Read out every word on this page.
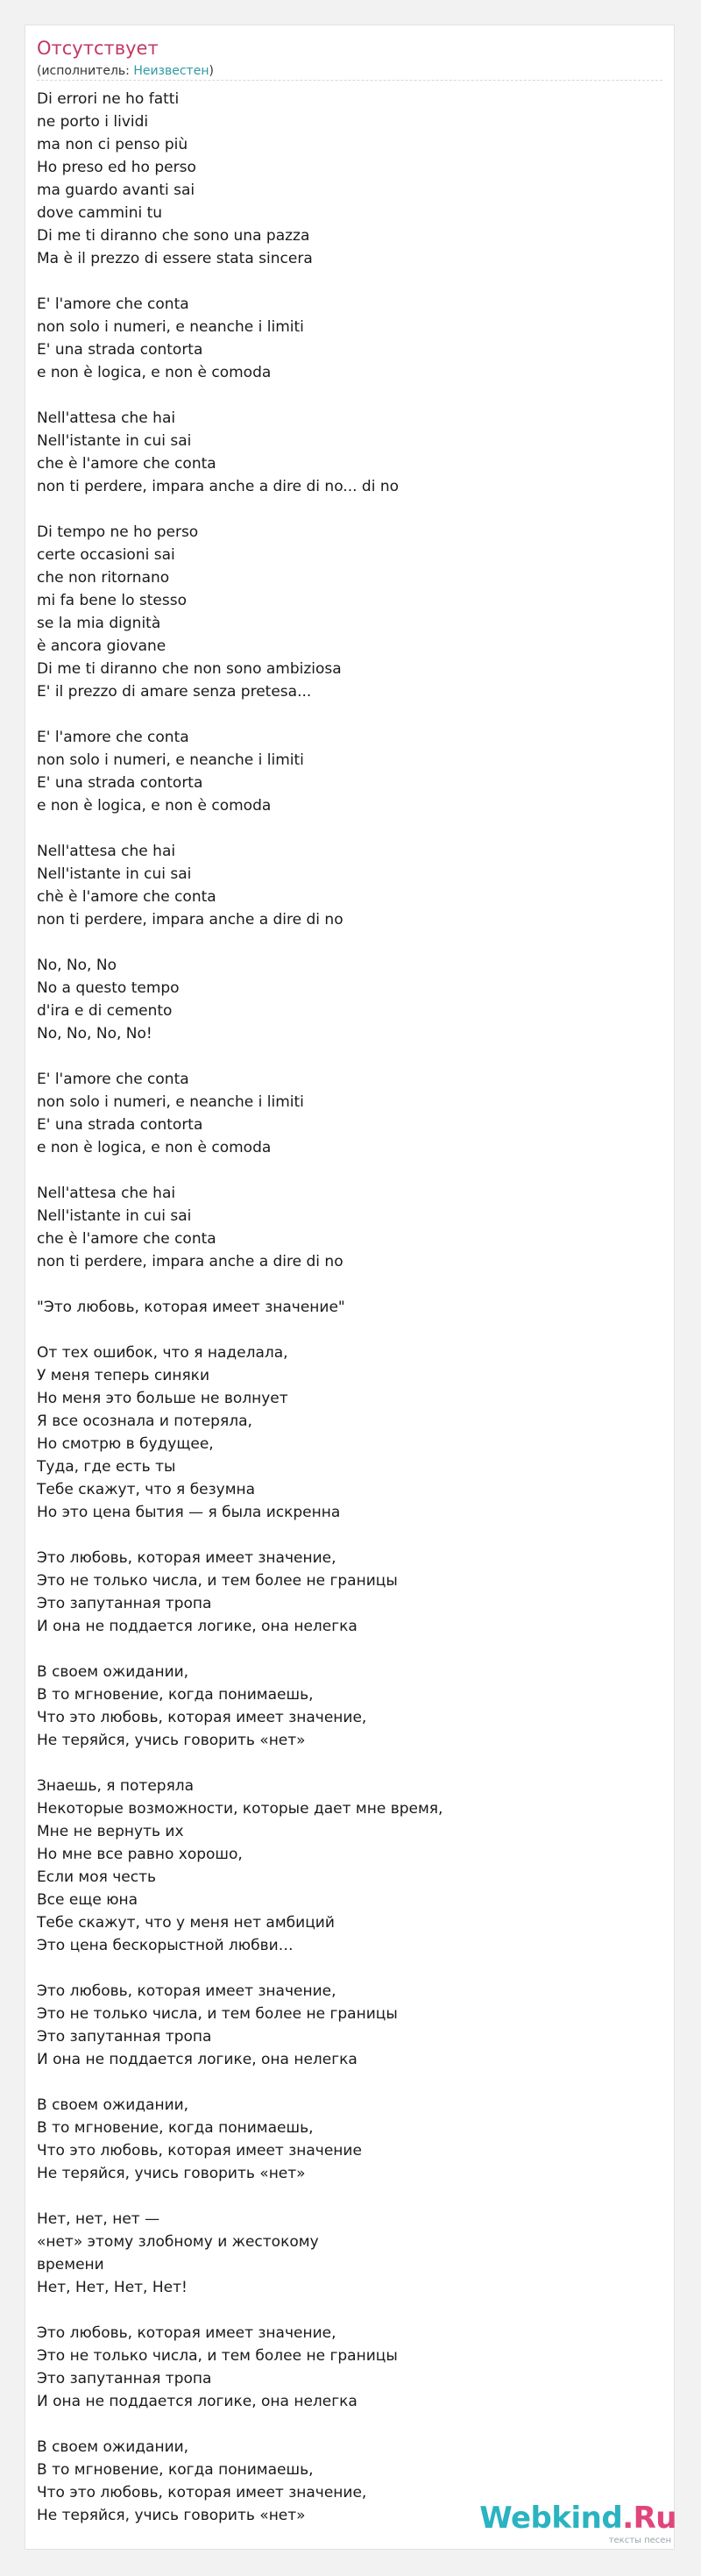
Отсутствует
(исполнитель: Неизвестен)
Di errori ne ho fatti
ne porto i lividi
ma non ci penso più
Ho preso ed ho perso
ma guardo avanti sai
dove cammini tu
Di me ti diranno che sono una pazza
Ma è il prezzo di essere stata sincera
E' l'amore che conta
non solo i numeri, e neanche i limiti
E' una strada contorta
e non è logica, e non è comoda
Nell'attesa che hai
Nell'istante in cui sai
che è l'amore che conta
non ti perdere, impara anche a dire di no... di no
Di tempo ne ho perso
certe occasioni sai
che non ritornano
mi fa bene lo stesso
se la mia dignità
è ancora giovane
Di me ti diranno che non sono ambiziosa
E' il prezzo di amare senza pretesa...
E' l'amore che conta
non solo i numeri, e neanche i limiti
E' una strada contorta
e non è logica, e non è comoda
Nell'attesa che hai
Nell'istante in cui sai
chè è l'amore che conta
non ti perdere, impara anche a dire di no
No, No, No
No a questo tempo
d'ira e di cemento
No, No, No, No!
E' l'amore che conta
non solo i numeri, e neanche i limiti
E' una strada contorta
e non è logica, e non è comoda
Nell'attesa che hai
Nell'istante in cui sai
che è l'amore che conta
non ti perdere, impara anche a dire di no
"Это любовь, которая имеет значение"
От тех ошибок, что я наделала,
У меня теперь синяки
Но меня это больше не волнует
Я все осознала и потеряла,
Но смотрю в будущее,
Туда, где есть ты
Тебе скажут, что я безумна
Но это цена бытия — я была искренна
Это любовь, которая имеет значение,
Это не только числа, и тем более не границы
Это запутанная тропа
И она не поддается логике, она нелегка
В своем ожидании,
В то мгновение, когда понимаешь,
Что это любовь, которая имеет значение,
Не теряйся, учись говорить «нет»
Знаешь, я потеряла
Некоторые возможности, которые дает мне время,
Мне не вернуть их
Но мне все равно хорошо,
Если моя честь
Все еще юна
Тебе скажут, что у меня нет амбиций
Это цена бескорыстной любви…
Это любовь, которая имеет значение,
Это не только числа, и тем более не границы
Это запутанная тропа
И она не поддается логике, она нелегка
В своем ожидании,
В то мгновение, когда понимаешь,
Что это любовь, которая имеет значение
Не теряйся, учись говорить «нет»
Нет, нет, нет —
«нет» этому злобному и жестокому
времени
Нет, Нет, Нет, Нет!
Это любовь, которая имеет значение,
Это не только числа, и тем более не границы
Это запутанная тропа
И она не поддается логике, она нелегка
В своем ожидании,
В то мгновение, когда понимаешь,
Что это любовь, которая имеет значение,
Не теряйся, учись говорить «нет»	Webkind.Ru
тексты песен
